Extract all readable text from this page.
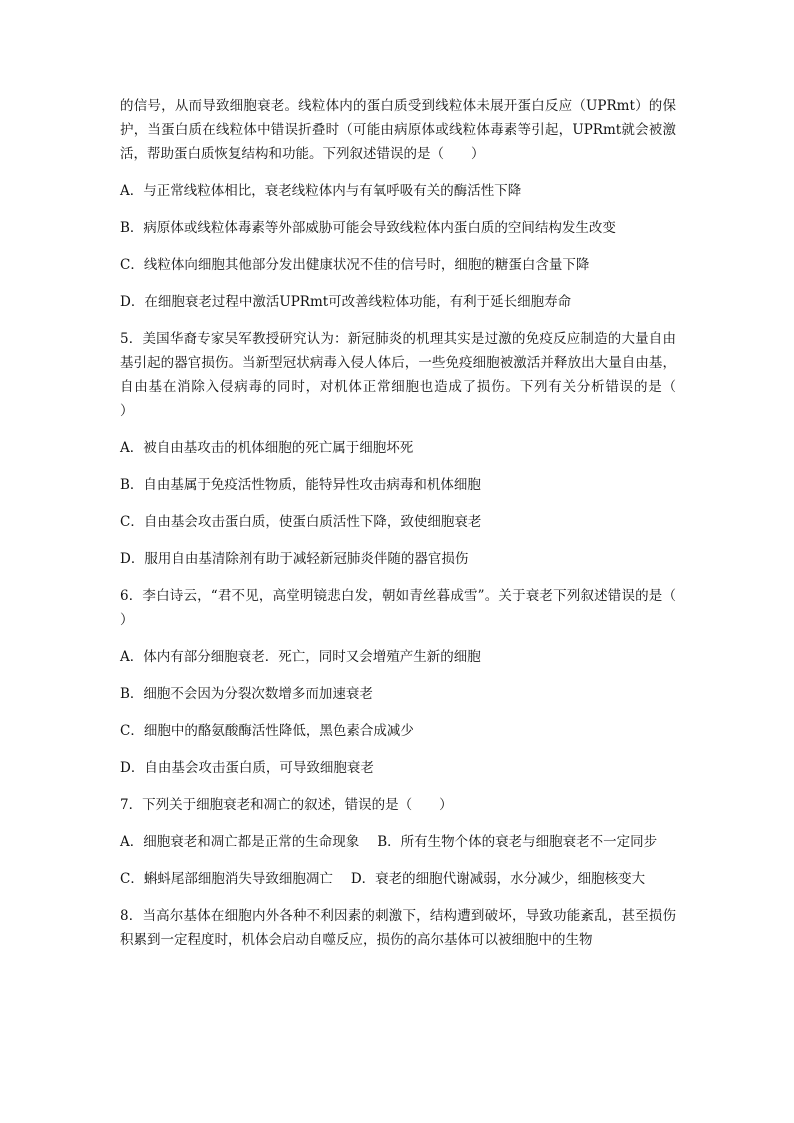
的信号，从而导致细胞衰老。线粒体内的蛋白质受到线粒体未展开蛋白反应（UPRmt）的保护，当蛋白质在线粒体中错误折叠时（可能由病原体或线粒体毒素等引起，UPRmt就会被激活，帮助蛋白质恢复结构和功能。下列叙述错误的是（　　）

A．与正常线粒体相比，衰老线粒体内与有氧呼吸有关的酶活性下降

B．病原体或线粒体毒素等外部威胁可能会导致线粒体内蛋白质的空间结构发生改变

C．线粒体向细胞其他部分发出健康状况不佳的信号时，细胞的糖蛋白含量下降

D．在细胞衰老过程中激活UPRmt可改善线粒体功能，有利于延长细胞寿命

5．美国华裔专家吴军教授研究认为：新冠肺炎的机理其实是过激的免疫反应制造的大量自由基引起的器官损伤。当新型冠状病毒入侵人体后，一些免疫细胞被激活并释放出大量自由基，自由基在消除入侵病毒的同时，对机体正常细胞也造成了损伤。下列有关分析错误的是（　　）

A．被自由基攻击的机体细胞的死亡属于细胞坏死

B．自由基属于免疫活性物质，能特异性攻击病毒和机体细胞

C．自由基会攻击蛋白质，使蛋白质活性下降，致使细胞衰老

D．服用自由基清除剂有助于减轻新冠肺炎伴随的器官损伤

6．李白诗云，“君不见，高堂明镜悲白发，朝如青丝暮成雪”。关于衰老下列叙述错误的是（　　）

A．体内有部分细胞衰老．死亡，同时又会增殖产生新的细胞

B．细胞不会因为分裂次数增多而加速衰老

C．细胞中的酪氨酸酶活性降低，黑色素合成减少

D．自由基会攻击蛋白质，可导致细胞衰老

7．下列关于细胞衰老和凋亡的叙述，错误的是（　　）

A．细胞衰老和凋亡都是正常的生命现象 B．所有生物个体的衰老与细胞衰老不一定同步

C．蝌蚪尾部细胞消失导致细胞凋亡 D．衰老的细胞代谢减弱，水分减少，细胞核变大

8．当高尔基体在细胞内外各种不利因素的刺激下，结构遭到破坏，导致功能紊乱，甚至损伤积累到一定程度时，机体会启动自噬反应，损伤的高尔基体可以被细胞中的生物
